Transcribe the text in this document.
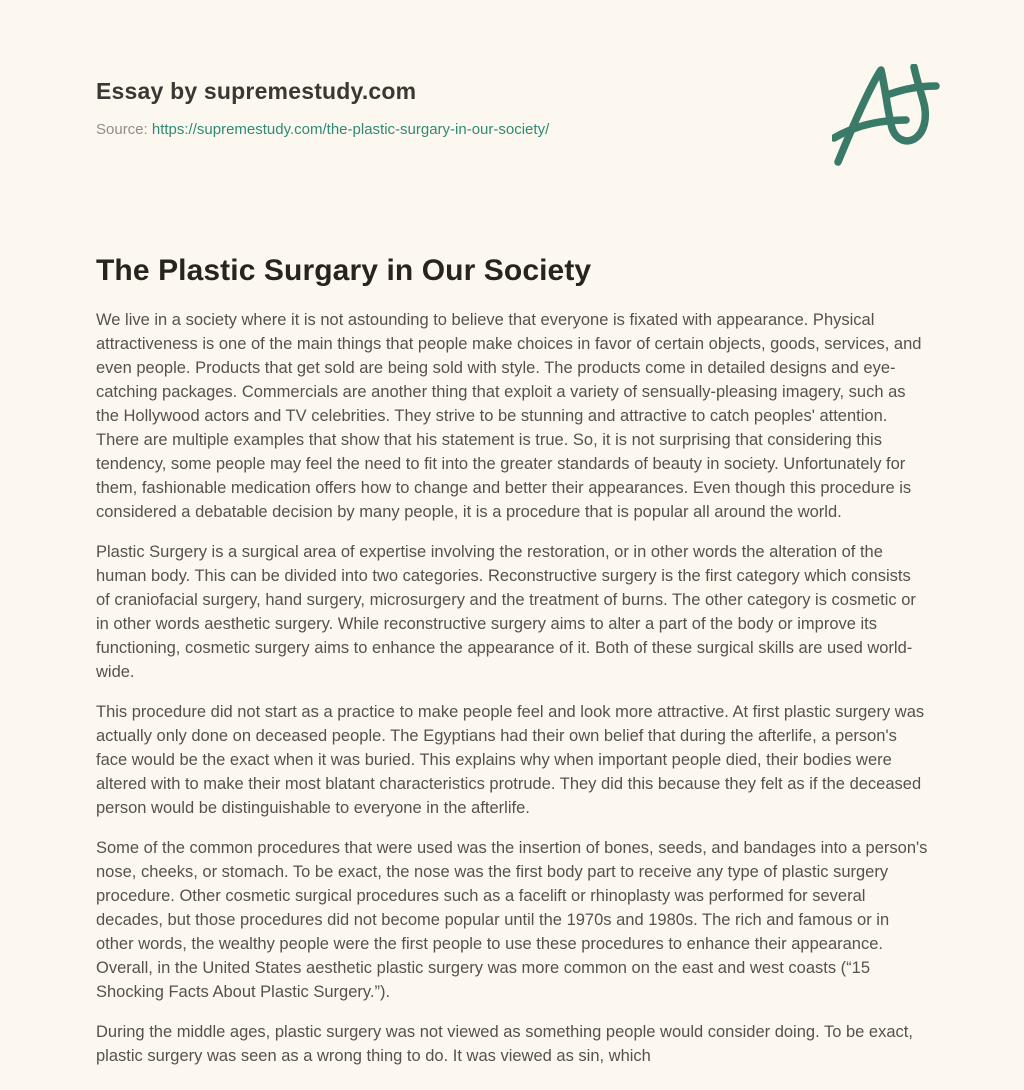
Essay by supremestudy.com
Source: https://supremestudy.com/the-plastic-surgary-in-our-society/
The Plastic Surgary in Our Society

We live in a society where it is not astounding to believe that everyone is fixated with appearance. Physical attractiveness is one of the main things that people make choices in favor of certain objects, goods, services, and even people. Products that get sold are being sold with style. The products come in detailed designs and eye-catching packages. Commercials are another thing that exploit a variety of sensually-pleasing imagery, such as the Hollywood actors and TV celebrities. They strive to be stunning and attractive to catch peoples' attention. There are multiple examples that show that his statement is true. So, it is not surprising that considering this tendency, some people may feel the need to fit into the greater standards of beauty in society. Unfortunately for them, fashionable medication offers how to change and better their appearances. Even though this procedure is considered a debatable decision by many people, it is a procedure that is popular all around the world.

Plastic Surgery is a surgical area of expertise involving the restoration, or in other words the alteration of the human body. This can be divided into two categories. Reconstructive surgery is the first category which consists of craniofacial surgery, hand surgery, microsurgery and the treatment of burns. The other category is cosmetic or in other words aesthetic surgery. While reconstructive surgery aims to alter a part of the body or improve its functioning, cosmetic surgery aims to enhance the appearance of it. Both of these surgical skills are used world-wide.

This procedure did not start as a practice to make people feel and look more attractive. At first plastic surgery was actually only done on deceased people. The Egyptians had their own belief that during the afterlife, a person's face would be the exact when it was buried. This explains why when important people died, their bodies were altered with to make their most blatant characteristics protrude. They did this because they felt as if the deceased person would be distinguishable to everyone in the afterlife.

Some of the common procedures that were used was the insertion of bones, seeds, and bandages into a person's nose, cheeks, or stomach. To be exact, the nose was the first body part to receive any type of plastic surgery procedure. Other cosmetic surgical procedures such as a facelift or rhinoplasty was performed for several decades, but those procedures did not become popular until the 1970s and 1980s. The rich and famous or in other words, the wealthy people were the first people to use these procedures to enhance their appearance. Overall, in the United States aesthetic plastic surgery was more common on the east and west coasts (“15 Shocking Facts About Plastic Surgery.”).

During the middle ages, plastic surgery was not viewed as something people would consider doing. To be exact, plastic surgery was seen as a wrong thing to do. It was viewed as sin, which
